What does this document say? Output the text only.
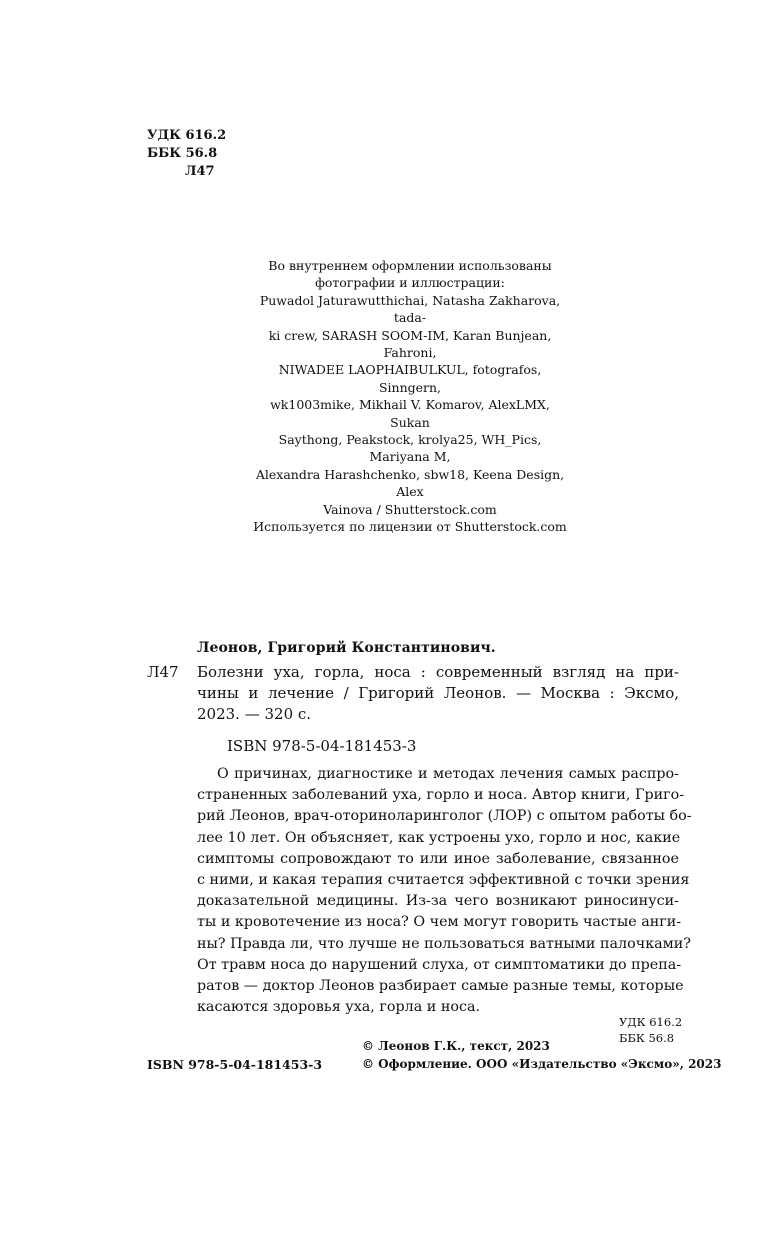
УДК 616.2
ББК 56.8
Л47
Во внутреннем оформлении использованы
фотографии и иллюстрации:
Puwadol Jaturawutthichai, Natasha Zakharova, tada-
ki crew, SARASH SOOM-IM, Karan Bunjean, Fahroni,
NIWADEE LAOPHAIBULKUL, fotografos, Sinngern,
wk1003mike, Mikhail V. Komarov, AlexLMX, Sukan
Saythong, Peakstock, krolya25, WH_Pics, Mariyana M,
Alexandra Harashchenko, sbw18, Keena Design, Alex
Vainova / Shutterstock.com
Используется по лицензии от Shutterstock.com
Леонов, Григорий Константинович.
Л47 Болезни уха, горла, носа : современный взгляд на при-
чины и лечение / Григорий Леонов. — Москва : Эксмо,
2023. — 320 с.
ISBN 978-5-04-181453-3
О причинах, диагностике и методах лечения самых распро-
страненных заболеваний уха, горло и носа. Автор книги, Григо-
рий Леонов, врач-оториноларинголог (ЛОР) с опытом работы бо-
лее 10 лет. Он объясняет, как устроены ухо, горло и нос, какие
симптомы сопровождают то или иное заболевание, связанное
с ними, и какая терапия считается эффективной с точки зрения
доказательной медицины. Из-за чего возникают риносинуси-
ты и кровотечение из носа? О чем могут говорить частые анги-
ны? Правда ли, что лучше не пользоваться ватными палочками?
От травм носа до нарушений слуха, от симптоматики до препа-
ратов — доктор Леонов разбирает самые разные темы, которые
касаются здоровья уха, горла и носа.
УДК 616.2
ББК 56.8
© Леонов Г.К., текст, 2023
© Оформление. ООО «Издательство «Эксмо», 2023
ISBN 978-5-04-181453-3
